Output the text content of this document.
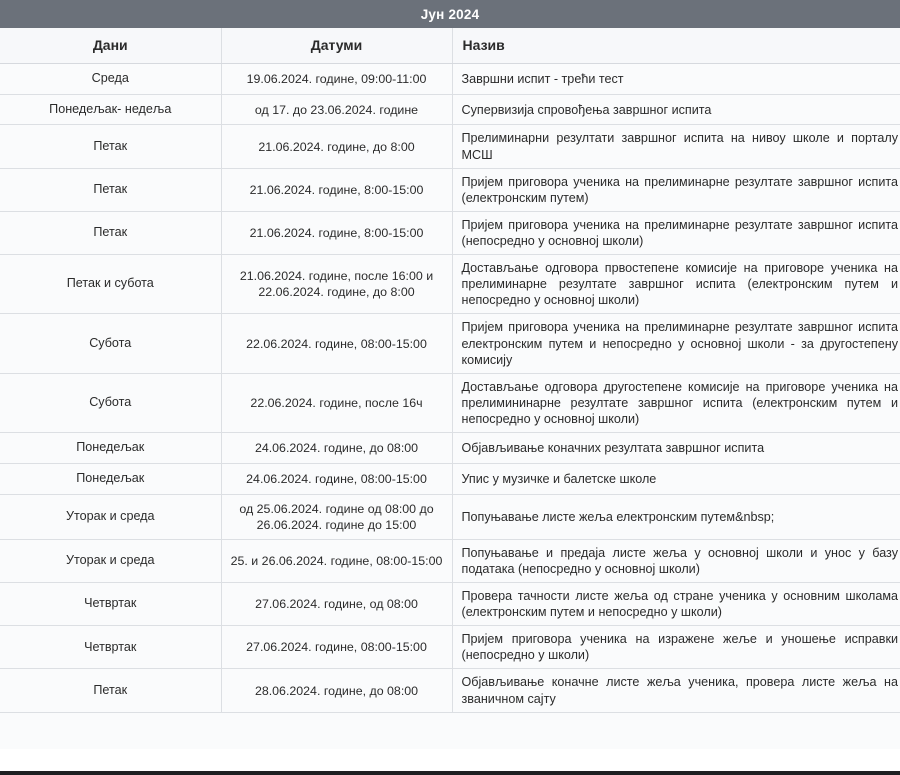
Јун 2024
Дани	Датуми	Назив
Среда	19.06.2024. године, 09:00-11:00	Завршни испит - трећи тест
Понедељак- недеља	од 17. до 23.06.2024. године	Супервизија спровођења завршног испита
Петак	21.06.2024. године, до 8:00	Прелиминарни резултати завршног испита на нивоу школе и порталу МСШ
Петак	21.06.2024. године, 8:00-15:00	Пријем приговора ученика на прелиминарне резултате завршног испита (електронским путем)
Петак	21.06.2024. године, 8:00-15:00	Пријем приговора ученика на прелиминарне резултате завршног испита (непосредно у основној школи)
Петак и субота	21.06.2024. године, после 16:00 и 22.06.2024. године, до 8:00	Достављање одговора првостепене комисије на приговоре ученика на прелиминарне резултате завршног испита (електронским путем и непосредно у основној школи)
Субота	22.06.2024. године, 08:00-15:00	Пријем приговора ученика на прелиминарне резултате завршног испита електронским путем и непосредно у основној школи - за другостепену комисију
Субота	22.06.2024. године, после 16ч	Достављање одговора другостепене комисије на приговоре ученика на прелимининарне резултате завршног испита (електронским путем и непосредно у основној школи)
Понедељак	24.06.2024. године, до 08:00	Објављивање коначних резултата завршног испита
Понедељак	24.06.2024. године, 08:00-15:00	Упис у музичке и балетске школе
Уторак и среда	од 25.06.2024. године од 08:00 до 26.06.2024. године до 15:00	Попуњавање листе жеља електронским путем&nbsp;
Уторак и среда	25. и 26.06.2024. године, 08:00-15:00	Попуњавање и предаја листе жеља у основној школи и унос у базу података (непосредно у основној школи)
Четвртак	27.06.2024. године, од 08:00	Провера тачности листе жеља од стране ученика у основним школама (електронским путем и непосредно у школи)
Четвртак	27.06.2024. године, 08:00-15:00	Пријем приговора ученика на изражене жеље и уношење исправки (непосредно у школи)
Петак	28.06.2024. године, до 08:00	Објављивање коначне листе жеља ученика, провера листе жеља на званичном сајту
